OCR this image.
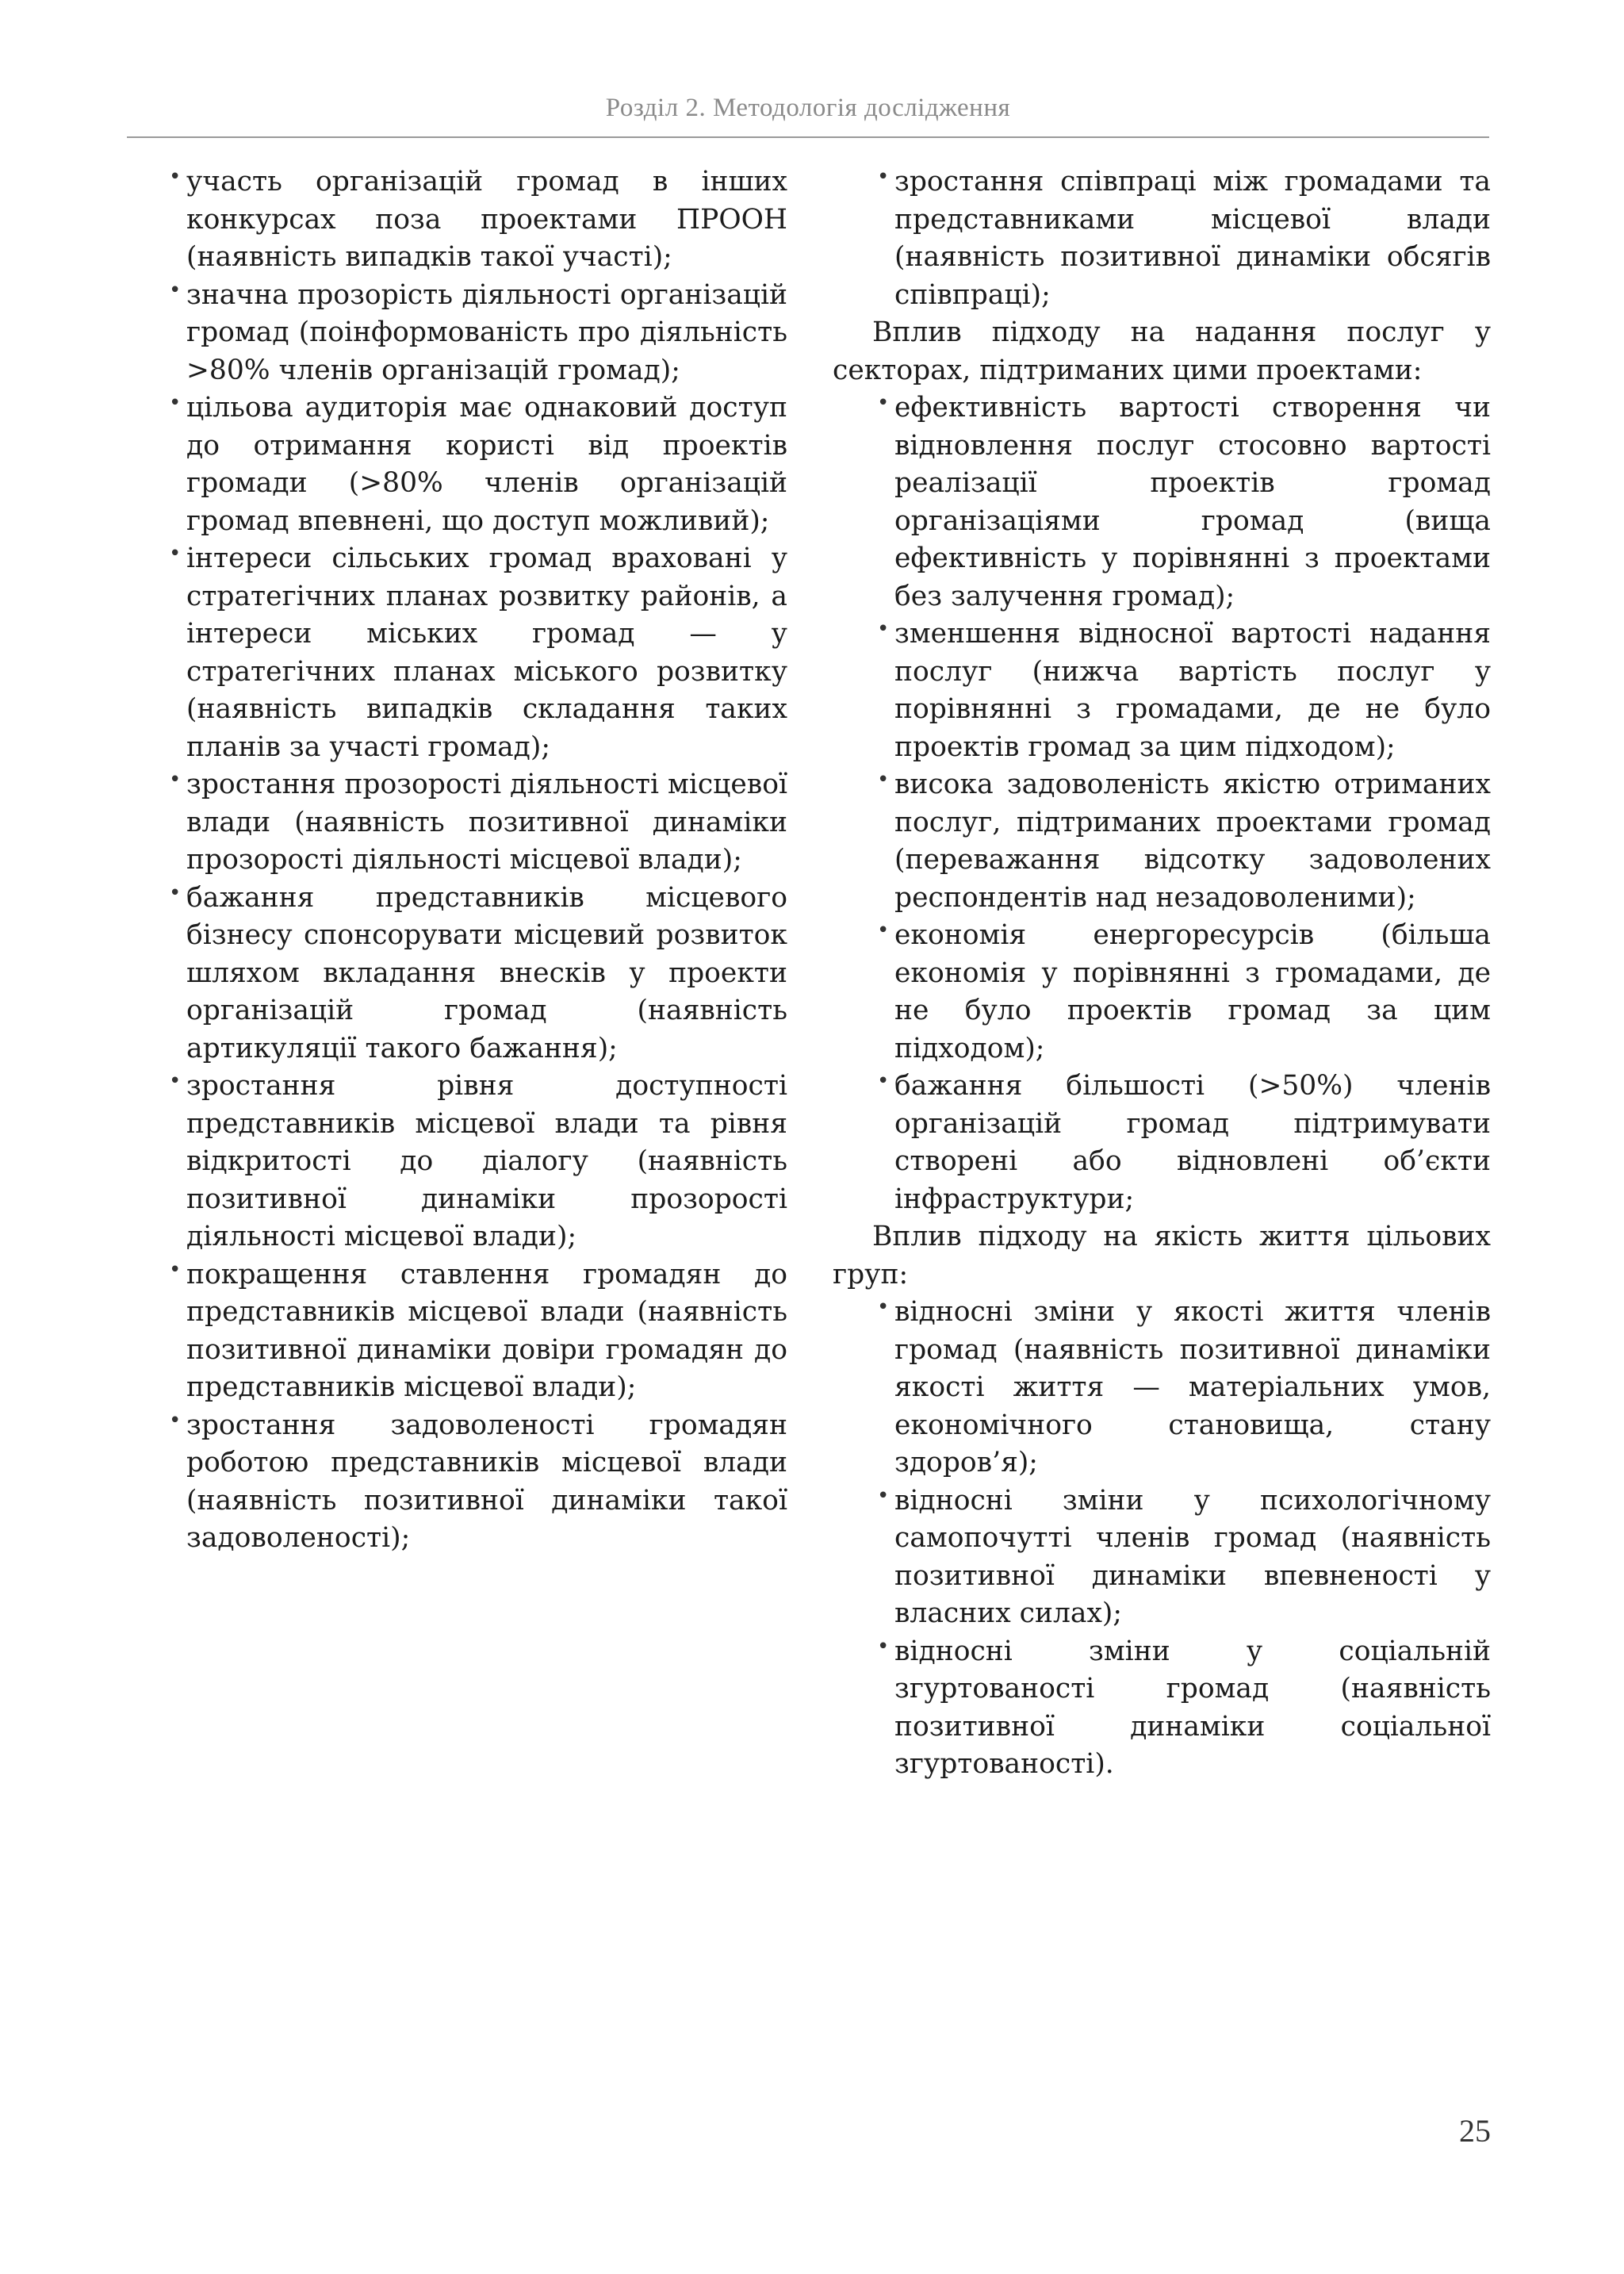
Розділ 2. Методологія дослідження
• участь організацій громад в інших конкурсах поза проектами ПРООН (наявність випадків такої участі);
• значна прозорість діяльності організацій громад (поінформованість про діяльність >80% членів організацій громад);
• цільова аудиторія має однаковий доступ до отримання користі від проектів громади (>80% членів організацій громад впевнені, що доступ можливий);
• інтереси сільських громад враховані у стратегічних планах розвитку районів, а інтереси міських громад — у стратегічних планах міського розвитку (наявність випадків складання таких планів за участі громад);
• зростання прозорості діяльності місцевої влади (наявність позитивної динаміки прозорості діяльності місцевої влади);
• бажання представників місцевого бізнесу спонсорувати місцевий розвиток шляхом вкладання внесків у проекти організацій громад (наявність артикуляції такого бажання);
• зростання рівня доступності представників місцевої влади та рівня відкритості до діалогу (наявність позитивної динаміки прозорості діяльності місцевої влади);
• покращення ставлення громадян до представників місцевої влади (наявність позитивної динаміки довіри громадян до представників місцевої влади);
• зростання задоволеності громадян роботою представників місцевої влади (наявність позитивної динаміки такої задоволеності);
• зростання співпраці між громадами та представниками місцевої влади (наявність позитивної динаміки обсягів співпраці);

Вплив підходу на надання послуг у секторах, підтриманих цими проектами:

• ефективність вартості створення чи відновлення послуг стосовно вартості реалізації проектів громад організаціями громад (вища ефективність у порівнянні з проектами без залучення громад);
• зменшення відносної вартості надання послуг (нижча вартість послуг у порівнянні з громадами, де не було проектів громад за цим підходом);
• висока задоволеність якістю отриманих послуг, підтриманих проектами громад (переважання відсотку задоволених респондентів над незадоволеними);
• економія енергоресурсів (більша економія у порівнянні з громадами, де не було проектів громад за цим підходом);
• бажання більшості (>50%) членів організацій громад підтримувати створені або відновлені об’єкти інфраструктури;

Вплив підходу на якість життя цільових груп:

• відносні зміни у якості життя членів громад (наявність позитивної динаміки якості життя — матеріальних умов, економічного становища, стану здоров’я);
• відносні зміни у психологічному самопочутті членів громад (наявність позитивної динаміки впевненості у власних силах);
• відносні зміни у соціальній згуртованості громад (наявність позитивної динаміки соціальної згуртованості).
25
